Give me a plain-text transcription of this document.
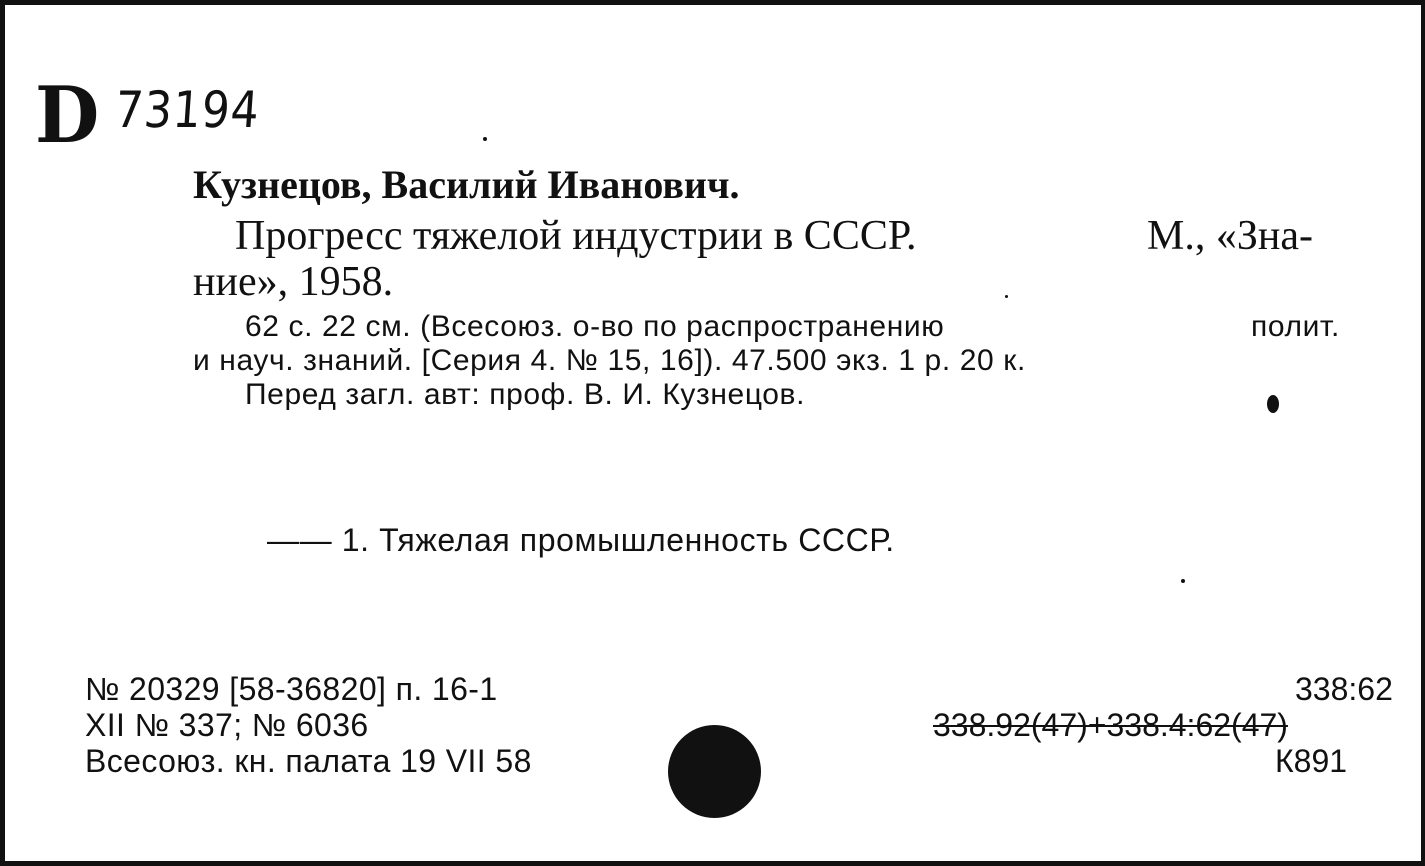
D 73194
Кузнецов, Василий Иванович.
Прогресс тяжелой индустрии в СССР.	М., «Зна-
ние», 1958.
62 с. 22 см. (Всесоюз. о-во по распространению	полит.
и науч. знаний. [Серия 4. № 15, 16]). 47.500 экз. 1 р. 20 к.
Перед загл. авт: проф. В. И. Кузнецов.
—— 1. Тяжелая промышленность СССР.
№ 20329 [58-36820] п. 16-1
XII № 337; № 6036
Всесоюз. кн. палата 19 VII 58
338:62
338.92(47)+338.4:62(47)
К891
